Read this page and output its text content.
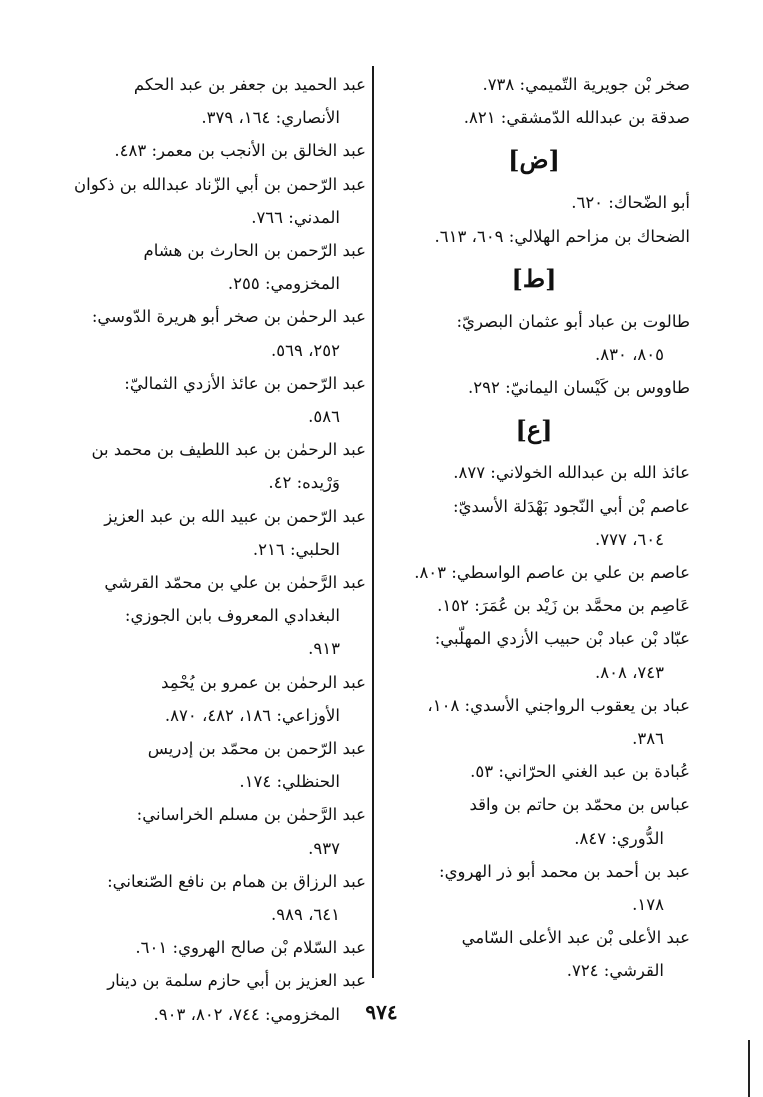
صخر بْن جويرية التّميمي: ٧٣٨.
صدقة بن عبدالله الدّمشقي: ٨٢١.
[ض]
أبو الضّحاك: ٦٢٠.
الضحاك بن مزاحم الهلالي: ٦٠٩، ٦١٣.
[ط]
طالوت بن عباد أبو عثمان البصريّ:
٨٠٥، ٨٣٠.
طاووس بن كَيْسان اليمانيّ: ٢٩٢.
[ع]
عائذ الله بن عبدالله الخولاني: ٨٧٧.
عاصم بْن أبي النّجود بَهْدَلة الأسديّ:
٦٠٤، ٧٧٧.
عاصم بن علي بن عاصم الواسطي: ٨٠٣.
عَاصِم بن محمَّد بن زَيْد بن عُمَرَ: ١٥٢.
عبّاد بْن عباد بْن حبيب الأزدي المهلّبي:
٧٤٣، ٨٠٨.
عباد بن يعقوب الرواجني الأسدي: ١٠٨،
٣٨٦.
عُبادة بن عبد الغني الحرّاني: ٥٣.
عباس بن محمّد بن حاتم بن واقد
الدُّوري: ٨٤٧.
عبد بن أحمد بن محمد أبو ذر الهروي:
١٧٨.
عبد الأعلى بْن عبد الأعلى السّامي
القرشي: ٧٢٤.
عبد الحميد بن جعفر بن عبد الحكم
الأنصاري: ١٦٤، ٣٧٩.
عبد الخالق بن الأنجب بن معمر: ٤٨٣.
عبد الرّحمن بن أبي الزّناد عبدالله بن ذكوان
المدني: ٧٦٦.
عبد الرّحمن بن الحارث بن هشام
المخزومي: ٢٥٥.
عبد الرحمٰن بن صخر أبو هريرة الدّوسي:
٢٥٢، ٥٦٩.
عبد الرّحمن بن عائذ الأزدي الثماليّ:
٥٨٦.
عبد الرحمٰن بن عبد اللطيف بن محمد بن
وَرْيده: ٤٢.
عبد الرّحمن بن عبيد الله بن عبد العزيز
الحلبي: ٢١٦.
عبد الرَّحمٰن بن علي بن محمّد القرشي
البغدادي المعروف بابن الجوزي:
٩١٣.
عبد الرحمٰن بن عمرو بن يُحْمِد
الأوزاعي: ١٨٦، ٤٨٢، ٨٧٠.
عبد الرّحمن بن محمّد بن إدريس
الحنظلي: ١٧٤.
عبد الرَّحمٰن بن مسلم الخراساني:
٩٣٧.
عبد الرزاق بن همام بن نافع الصّنعاني:
٦٤١، ٩٨٩.
عبد السّلام بْن صالح الهروي: ٦٠١.
عبد العزيز بن أبي حازم سلمة بن دينار
المخزومي: ٧٤٤، ٨٠٢، ٩٠٣.	٩٧٤
